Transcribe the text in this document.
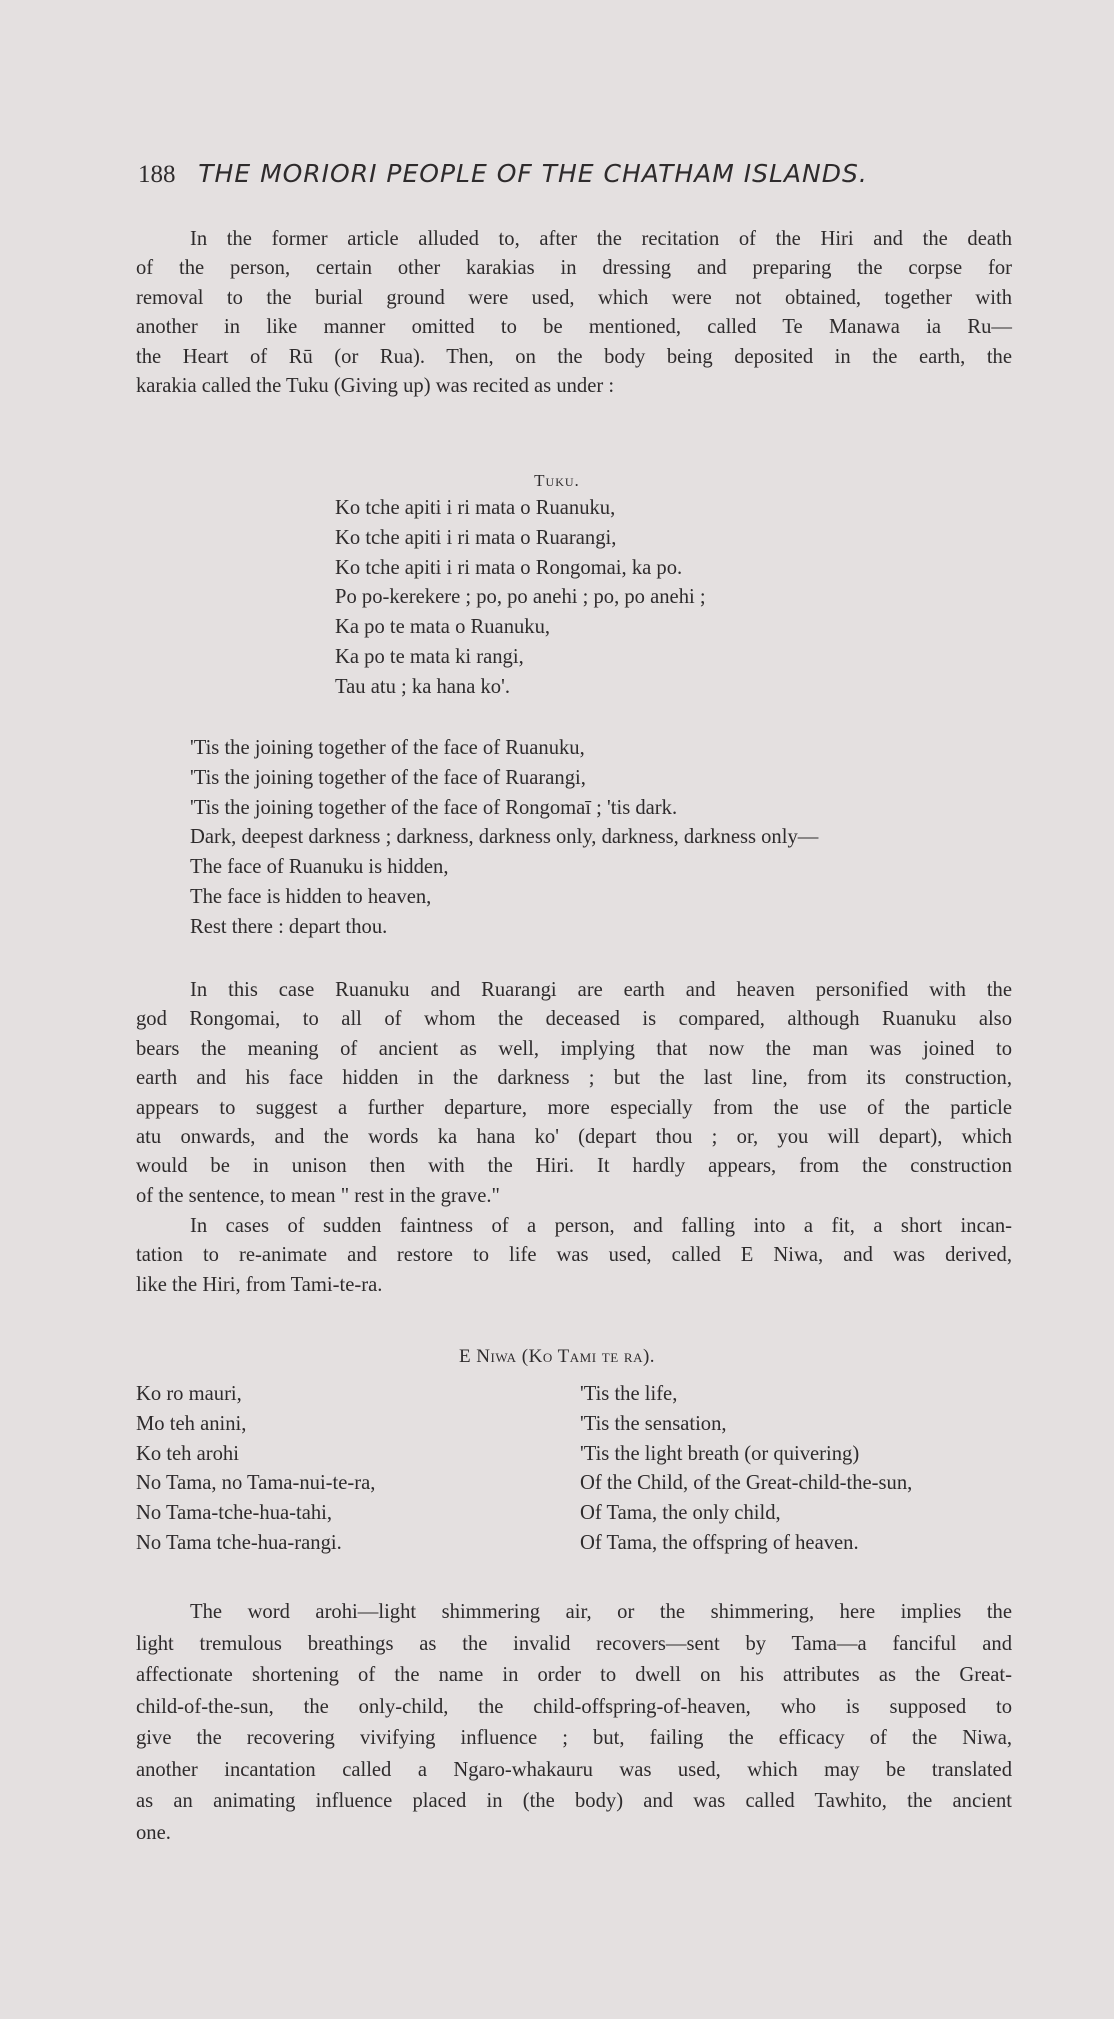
188 THE MORIORI PEOPLE OF THE CHATHAM ISLANDS.
In the former article alluded to, after the recitation of the Hiri and the death
of the person, certain other karakias in dressing and preparing the corpse for
removal to the burial ground were used, which were not obtained, together with
another in like manner omitted to be mentioned, called Te Manawa ia Ru—
the Heart of Rū (or Rua). Then, on the body being deposited in the earth, the
karakia called the Tuku (Giving up) was recited as under :
Tuku.
Ko tche apiti i ri mata o Ruanuku,
Ko tche apiti i ri mata o Ruarangi,
Ko tche apiti i ri mata o Rongomai, ka po.
Po po-kerekere ; po, po anehi ; po, po anehi ;
Ka po te mata o Ruanuku,
Ka po te mata ki rangi,
Tau atu ; ka hana ko'.
'Tis the joining together of the face of Ruanuku,
'Tis the joining together of the face of Ruarangi,
'Tis the joining together of the face of Rongomaī ; 'tis dark.
Dark, deepest darkness ; darkness, darkness only, darkness, darkness only—
The face of Ruanuku is hidden,
The face is hidden to heaven,
Rest there : depart thou.
In this case Ruanuku and Ruarangi are earth and heaven personified with the
god Rongomai, to all of whom the deceased is compared, although Ruanuku also
bears the meaning of ancient as well, implying that now the man was joined to
earth and his face hidden in the darkness ; but the last line, from its construction,
appears to suggest a further departure, more especially from the use of the particle
atu onwards, and the words ka hana ko' (depart thou ; or, you will depart), which
would be in unison then with the Hiri. It hardly appears, from the construction
of the sentence, to mean " rest in the grave."
In cases of sudden faintness of a person, and falling into a fit, a short incan-
tation to re-animate and restore to life was used, called E Niwa, and was derived,
like the Hiri, from Tami-te-ra.
E Niwa (Ko Tami te ra).
Ko ro mauri,
Mo teh anini,
Ko teh arohi
No Tama, no Tama-nui-te-ra,
No Tama-tche-hua-tahi,
No Tama tche-hua-rangi.
'Tis the life,
'Tis the sensation,
'Tis the light breath (or quivering)
Of the Child, of the Great-child-the-sun,
Of Tama, the only child,
Of Tama, the offspring of heaven.
The word arohi—light shimmering air, or the shimmering, here implies the
light tremulous breathings as the invalid recovers—sent by Tama—a fanciful and
affectionate shortening of the name in order to dwell on his attributes as the Great-
child-of-the-sun, the only-child, the child-offspring-of-heaven, who is supposed to
give the recovering vivifying influence ; but, failing the efficacy of the Niwa,
another incantation called a Ngaro-whakauru was used, which may be translated
as an animating influence placed in (the body) and was called Tawhito, the ancient
one.
